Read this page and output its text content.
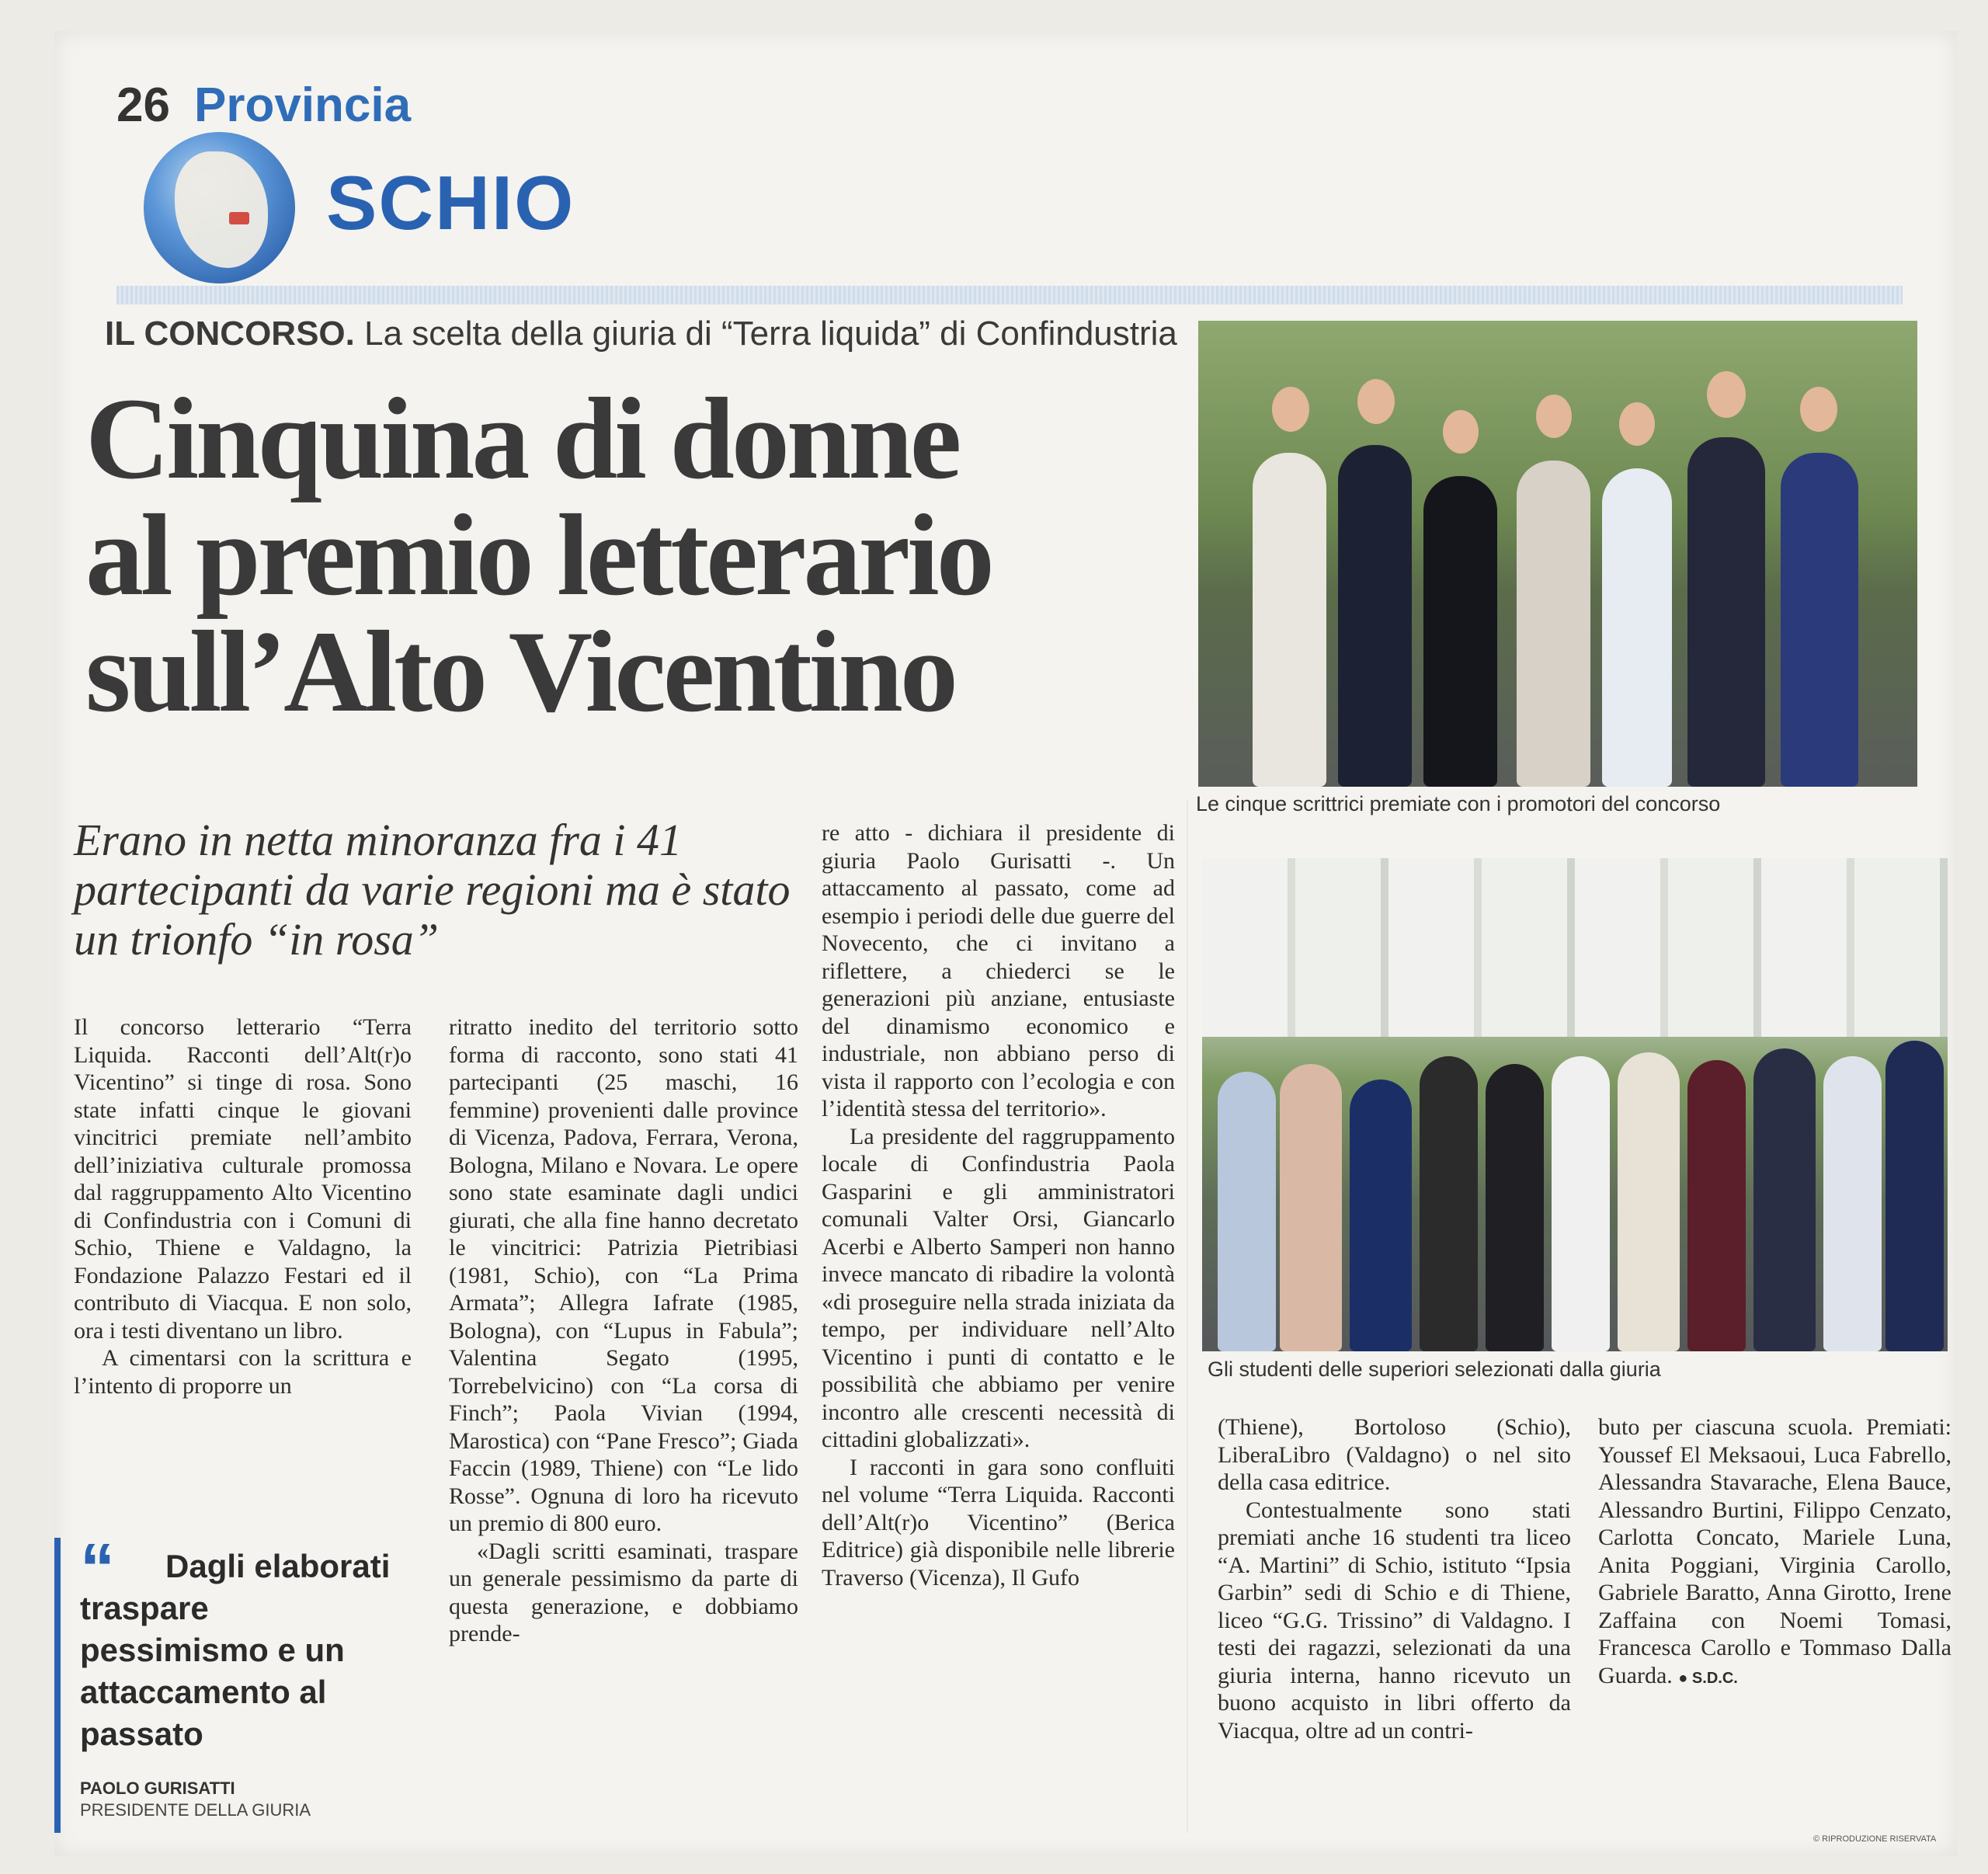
26 Provincia
SCHIO
IL CONCORSO. La scelta della giuria di “Terra liquida” di Confindustria
Cinquina di donne
al premio letterario
sull’Alto Vicentino
Erano in netta minoranza fra i 41 partecipanti da varie regioni ma è stato un trionfo “in rosa”

Il concorso letterario “Terra Liquida. Racconti dell’Alt(r)o Vicentino” si tinge di rosa. Sono state infatti cinque le giovani vincitrici premiate nell’ambito dell’iniziativa culturale promossa dal raggruppamento Alto Vicentino di Confindustria con i Comuni di Schio, Thiene e Valdagno, la Fondazione Palazzo Festari ed il contributo di Viacqua. E non solo, ora i testi diventano un libro.

A cimentarsi con la scrittura e l’intento di proporre un

ritratto inedito del territorio sotto forma di racconto, sono stati 41 partecipanti (25 maschi, 16 femmine) provenienti dalle province di Vicenza, Padova, Ferrara, Verona, Bologna, Milano e Novara. Le opere sono state esaminate dagli undici giurati, che alla fine hanno decretato le vincitrici: Patrizia Pietribiasi (1981, Schio), con “La Prima Armata”; Allegra Iafrate (1985, Bologna), con “Lupus in Fabula”; Valentina Segato (1995, Torrebelvicino) con “La corsa di Finch”; Paola Vivian (1994, Marostica) con “Pane Fresco”; Giada Faccin (1989, Thiene) con “Le lido Rosse”. Ognuna di loro ha ricevuto un premio di 800 euro.

«Dagli scritti esaminati, traspare un generale pessimismo da parte di questa generazione, e dobbiamo prende-

re atto - dichiara il presidente di giuria Paolo Gurisatti -. Un attaccamento al passato, come ad esempio i periodi delle due guerre del Novecento, che ci invitano a riflettere, a chiederci se le generazioni più anziane, entusiaste del dinamismo economico e industriale, non abbiano perso di vista il rapporto con l’ecologia e con l’identità stessa del territorio».

La presidente del raggruppamento locale di Confindustria Paola Gasparini e gli amministratori comunali Valter Orsi, Giancarlo Acerbi e Alberto Samperi non hanno invece mancato di ribadire la volontà «di proseguire nella strada iniziata da tempo, per individuare nell’Alto Vicentino i punti di contatto e le possibilità che abbiamo per venire incontro alle crescenti necessità di cittadini globalizzati».

I racconti in gara sono confluiti nel volume “Terra Liquida. Racconti dell’Alt(r)o Vicentino” (Berica Editrice) già disponibile nelle librerie Traverso (Vicenza), Il Gufo

(Thiene), Bortoloso (Schio), LiberaLibro (Valdagno) o nel sito della casa editrice.

Contestualmente sono stati premiati anche 16 studenti tra liceo “A. Martini” di Schio, istituto “Ipsia Garbin” sedi di Schio e di Thiene, liceo “G.G. Trissino” di Valdagno. I testi dei ragazzi, selezionati da una giuria interna, hanno ricevuto un buono acquisto in libri offerto da Viacqua, oltre ad un contri-

buto per ciascuna scuola. Premiati: Youssef El Meksaoui, Luca Fabrello, Alessandra Stavarache, Elena Bauce, Alessandro Burtini, Filippo Cenzato, Carlotta Concato, Mariele Luna, Anita Poggiani, Virginia Carollo, Gabriele Baratto, Anna Girotto, Irene Zaffaina con Noemi Tomasi, Francesca Carollo e Tommaso Dalla Guarda. ● S.D.C.

“	Dagli elaborati traspare pessimismo e un attaccamento al passato
PAOLO GURISATTI
PRESIDENTE DELLA GIURIA
Le cinque scrittrici premiate con i promotori del concorso
Gli studenti delle superiori selezionati dalla giuria
© RIPRODUZIONE RISERVATA
